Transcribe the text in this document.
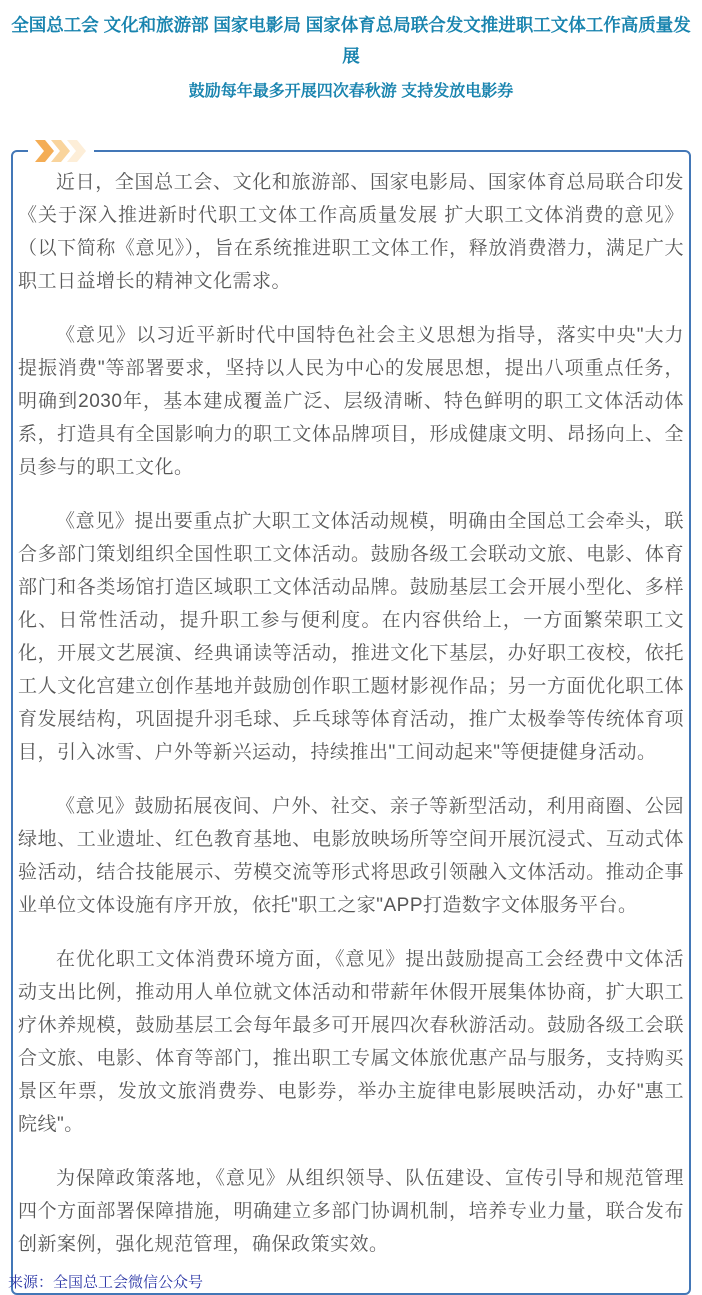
全国总工会 文化和旅游部 国家电影局 国家体育总局联合发文推进职工文体工作高质量发展
鼓励每年最多开展四次春秋游 支持发放电影券

近日，全国总工会、文化和旅游部、国家电影局、国家体育总局联合印发《关于深入推进新时代职工文体工作高质量发展 扩大职工文体消费的意见》（以下简称《意见》），旨在系统推进职工文体工作，释放消费潜力，满足广大职工日益增长的精神文化需求。

《意见》以习近平新时代中国特色社会主义思想为指导，落实中央"大力提振消费"等部署要求，坚持以人民为中心的发展思想，提出八项重点任务，明确到2030年，基本建成覆盖广泛、层级清晰、特色鲜明的职工文体活动体系，打造具有全国影响力的职工文体品牌项目，形成健康文明、昂扬向上、全员参与的职工文化。

《意见》提出要重点扩大职工文体活动规模，明确由全国总工会牵头，联合多部门策划组织全国性职工文体活动。鼓励各级工会联动文旅、电影、体育部门和各类场馆打造区域职工文体活动品牌。鼓励基层工会开展小型化、多样化、日常性活动，提升职工参与便利度。在内容供给上，一方面繁荣职工文化，开展文艺展演、经典诵读等活动，推进文化下基层，办好职工夜校，依托工人文化宫建立创作基地并鼓励创作职工题材影视作品；另一方面优化职工体育发展结构，巩固提升羽毛球、乒乓球等体育活动，推广太极拳等传统体育项目，引入冰雪、户外等新兴运动，持续推出"工间动起来"等便捷健身活动。

《意见》鼓励拓展夜间、户外、社交、亲子等新型活动，利用商圈、公园绿地、工业遗址、红色教育基地、电影放映场所等空间开展沉浸式、互动式体验活动，结合技能展示、劳模交流等形式将思政引领融入文体活动。推动企事业单位文体设施有序开放，依托"职工之家"APP打造数字文体服务平台。

在优化职工文体消费环境方面，《意见》提出鼓励提高工会经费中文体活动支出比例，推动用人单位就文体活动和带薪年休假开展集体协商，扩大职工疗休养规模，鼓励基层工会每年最多可开展四次春秋游活动。鼓励各级工会联合文旅、电影、体育等部门，推出职工专属文体旅优惠产品与服务，支持购买景区年票，发放文旅消费券、电影券，举办主旋律电影展映活动，办好"惠工院线"。

为保障政策落地，《意见》从组织领导、队伍建设、宣传引导和规范管理四个方面部署保障措施，明确建立多部门协调机制，培养专业力量，联合发布创新案例，强化规范管理，确保政策实效。

来源：全国总工会微信公众号
